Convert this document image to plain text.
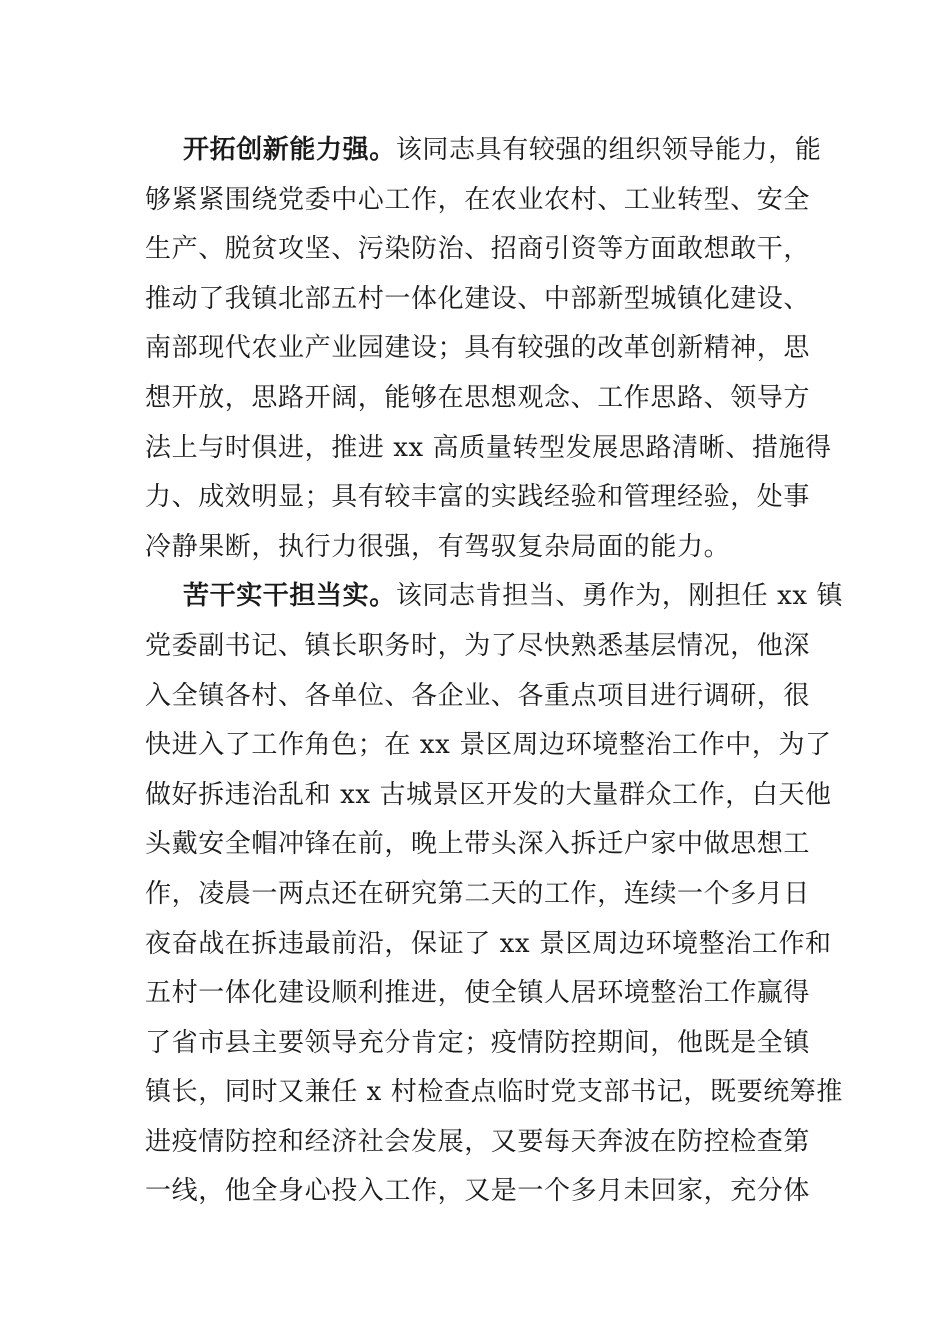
开拓创新能力强。该同志具有较强的组织领导能力，能
够紧紧围绕党委中心工作，在农业农村、工业转型、安全
生产、脱贫攻坚、污染防治、招商引资等方面敢想敢干，
推动了我镇北部五村一体化建设、中部新型城镇化建设、
南部现代农业产业园建设；具有较强的改革创新精神，思
想开放，思路开阔，能够在思想观念、工作思路、领导方
法上与时俱进，推进 xx 高质量转型发展思路清晰、措施得
力、成效明显；具有较丰富的实践经验和管理经验，处事
冷静果断，执行力很强，有驾驭复杂局面的能力。
苦干实干担当实。该同志肯担当、勇作为，刚担任 xx 镇
党委副书记、镇长职务时，为了尽快熟悉基层情况，他深
入全镇各村、各单位、各企业、各重点项目进行调研，很
快进入了工作角色；在 xx 景区周边环境整治工作中，为了
做好拆违治乱和 xx 古城景区开发的大量群众工作，白天他
头戴安全帽冲锋在前，晚上带头深入拆迁户家中做思想工
作，凌晨一两点还在研究第二天的工作，连续一个多月日
夜奋战在拆违最前沿，保证了 xx 景区周边环境整治工作和
五村一体化建设顺利推进，使全镇人居环境整治工作赢得
了省市县主要领导充分肯定；疫情防控期间，他既是全镇
镇长，同时又兼任 x 村检查点临时党支部书记，既要统筹推
进疫情防控和经济社会发展，又要每天奔波在防控检查第
一线，他全身心投入工作，又是一个多月未回家，充分体
